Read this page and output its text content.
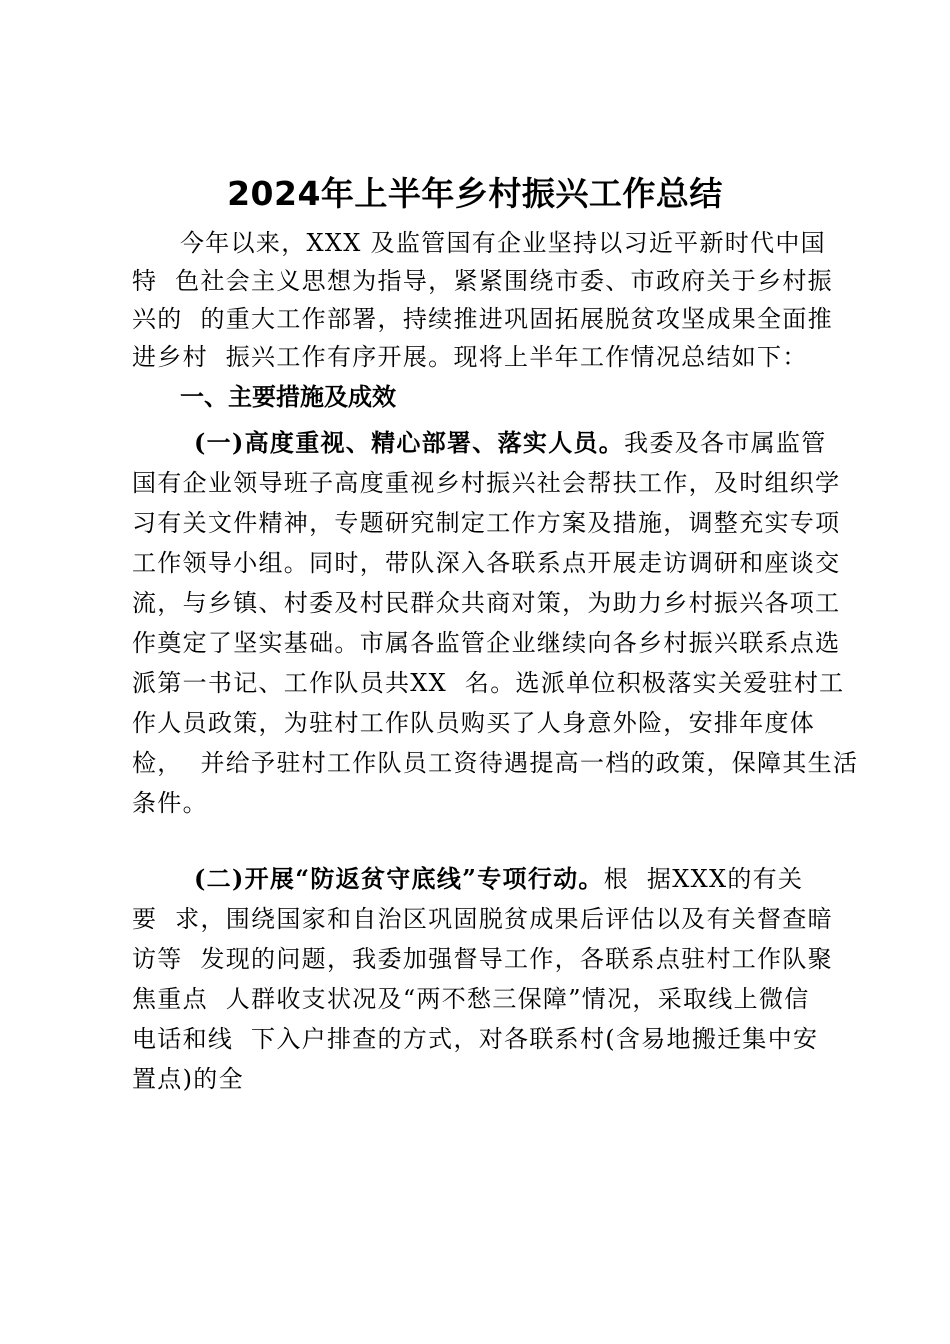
2024年上半年乡村振兴工作总结
今年以来，XXX 及监管国有企业坚持以习近平新时代中国
特  色社会主义思想为指导，紧紧围绕市委、市政府关于乡村振
兴的  的重大工作部署，持续推进巩固拓展脱贫攻坚成果全面推
进乡村  振兴工作有序开展。现将上半年工作情况总结如下：
一、主要措施及成效
(一)高度重视、精心部署、落实人员。我委及各市属监管
国有企业领导班子高度重视乡村振兴社会帮扶工作，及时组织学
习有关文件精神，专题研究制定工作方案及措施，调整充实专项
工作领导小组。同时，带队深入各联系点开展走访调研和座谈交
流，与乡镇、村委及村民群众共商对策，为助力乡村振兴各项工
作奠定了坚实基础。市属各监管企业继续向各乡村振兴联系点选
派第一书记、工作队员共XX  名。选派单位积极落实关爱驻村工
作人员政策，为驻村工作队员购买了人身意外险，安排年度体
检，  并给予驻村工作队员工资待遇提高一档的政策，保障其生活
条件。
(二)开展“防返贫守底线”专项行动。根  据XXX的有关
要  求，围绕国家和自治区巩固脱贫成果后评估以及有关督查暗
访等  发现的问题，我委加强督导工作，各联系点驻村工作队聚
焦重点  人群收支状况及“两不愁三保障”情况，采取线上微信
电话和线  下入户排查的方式，对各联系村(含易地搬迁集中安
置点)的全
